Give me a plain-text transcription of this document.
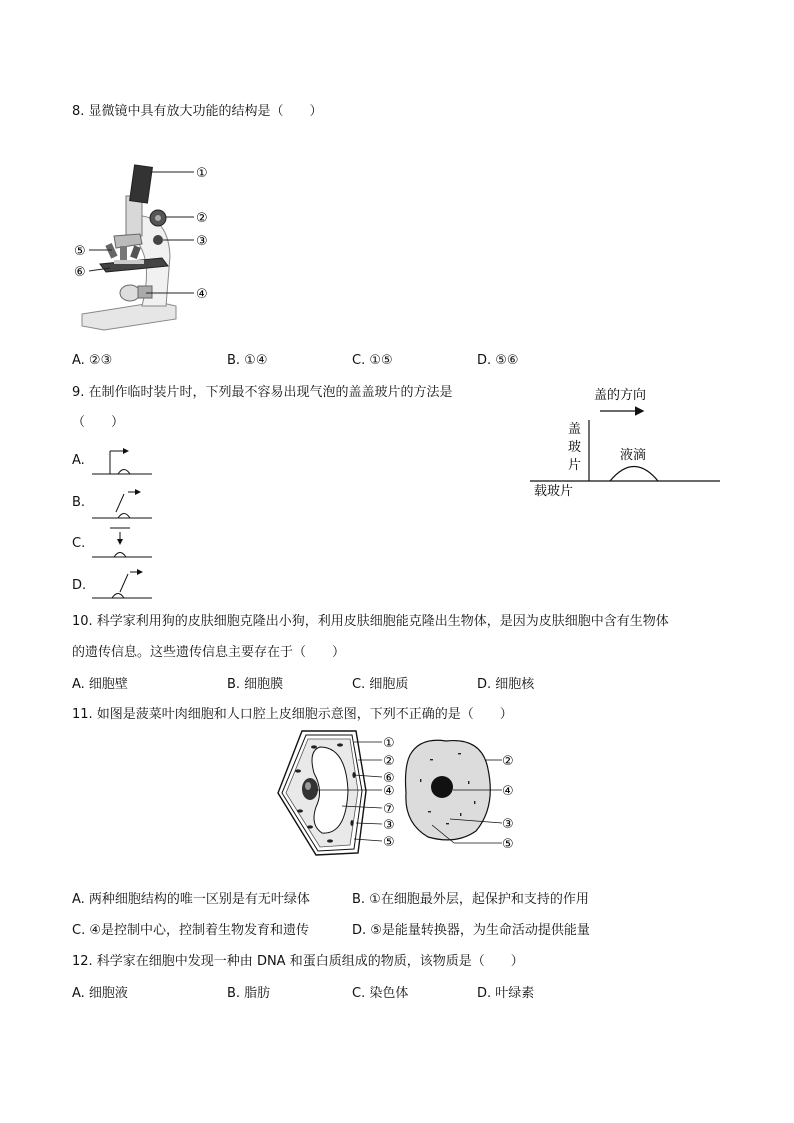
8. 显微镜中具有放大功能的结构是（　　）
①
②
③
④
⑤
⑥
A. ②③	B. ①④	C. ①⑤	D. ⑤⑥
9. 在制作临时装片时，下列最不容易出现气泡的盖盖玻片的方法是
（　　）
盖的方向
盖
玻
片
液滴
载玻片
A.
B.
C.
D.
10. 科学家利用狗的皮肤细胞克隆出小狗，利用皮肤细胞能克隆出生物体，是因为皮肤细胞中含有生物体
的遗传信息。这些遗传信息主要存在于（　　）
A. 细胞壁	B. 细胞膜	C. 细胞质	D. 细胞核
11. 如图是菠菜叶肉细胞和人口腔上皮细胞示意图，下列不正确的是（　　）
①
②
⑥
④
⑦
③
⑤
②
④
③
⑤
A. 两种细胞结构的唯一区别是有无叶绿体	B. ①在细胞最外层，起保护和支持的作用
C. ④是控制中心，控制着生物发育和遗传	D. ⑤是能量转换器，为生命活动提供能量
12. 科学家在细胞中发现一种由 DNA 和蛋白质组成的物质，该物质是（　　）
A. 细胞液	B. 脂肪	C. 染色体	D. 叶绿素
